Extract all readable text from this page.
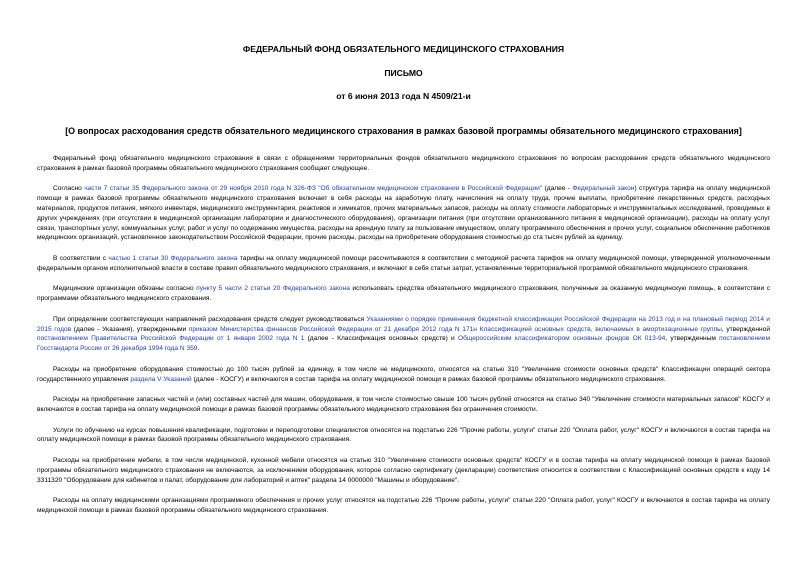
ФЕДЕРАЛЬНЫЙ ФОНД ОБЯЗАТЕЛЬНОГО МЕДИЦИНСКОГО СТРАХОВАНИЯ
ПИСЬМО
от 6 июня 2013 года N 4509/21-и
[О вопросах расходования средств обязательного медицинского страхования в рамках базовой программы обязательного медицинского страхования]

Федеральный фонд обязательного медицинского страхования в связи с обращениями территориальных фондов обязательного медицинского страхования по вопросам расходования средств обязательного медицинского страхования в рамках базовой программы обязательного медицинского страхования сообщает следующее.

Согласно части 7 статьи 35 Федерального закона от 29 ноября 2010 года N 326-ФЗ "Об обязательном медицинском страховании в Российской Федерации" (далее - Федеральный закон) структура тарифа на оплату медицинской помощи в рамках базовой программы обязательного медицинского страхования включает в себя расходы на заработную плату, начисления на оплату труда, прочие выплаты, приобретение лекарственных средств, расходных материалов, продуктов питания, мягкого инвентаря, медицинского инструментария, реактивов и химикатов, прочих материальных запасов, расходы на оплату стоимости лабораторных и инструментальных исследований, проводимых в других учреждениях (при отсутствии в медицинской организации лаборатории и диагностического оборудования), организации питания (при отсутствии организованного питания в медицинской организации), расходы на оплату услуг связи, транспортных услуг, коммунальных услуг, работ и услуг по содержанию имущества, расходы на арендную плату за пользование имуществом, оплату программного обеспечения и прочих услуг, социальное обеспечение работников медицинских организаций, установленное законодательством Российской Федерации, прочие расходы, расходы на приобретение оборудования стоимостью до ста тысяч рублей за единицу.

В соответствии с частью 1 статьи 30 Федерального закона тарифы на оплату медицинской помощи рассчитываются в соответствии с методикой расчета тарифов на оплату медицинской помощи, утвержденной уполномоченным федеральным органом исполнительной власти в составе правил обязательного медицинского страхования, и включают в себя статьи затрат, установленные территориальной программой обязательного медицинского страхования.

Медицинские организации обязаны согласно пункту 5 части 2 статьи 20 Федерального закона использовать средства обязательного медицинского страхования, полученные за оказанную медицинскую помощь, в соответствии с программами обязательного медицинского страхования.

При определении соответствующих направлений расходования средств следует руководствоваться Указаниями о порядке применения бюджетной классификации Российской Федерации на 2013 год и на плановый период 2014 и 2015 годов (далее - Указания), утвержденными приказом Министерства финансов Российской Федерации от 21 декабря 2012 года N 171н Классификацией основных средств, включаемых в амортизационные группы, утвержденной постановлением Правительства Российской Федерации от 1 января 2002 года N 1 (далее - Классификация основных средств) и Общероссийским классификатором основных фондов ОК 013-94, утвержденным постановлением Госстандарта России от 26 декабря 1994 года N 359.

Расходы на приобретение оборудования стоимостью до 100 тысяч рублей за единицу, в том числе не медицинского, относятся на статью 310 "Увеличение стоимости основных средств" Классификации операций сектора государственного управления раздела V Указаний (далее - КОСГУ) и включаются в состав тарифа на оплату медицинской помощи в рамках базовой программы обязательного медицинского страхования.

Расходы на приобретение запасных частей и (или) составных частей для машин, оборудования, в том числе стоимостью свыше 100 тысяч рублей относятся на статью 340 "Увеличение стоимости материальных запасов" КОСГУ и включаются в состав тарифа на оплату медицинской помощи в рамках базовой программы обязательного медицинского страхования без ограничения стоимости.

Услуги по обучению на курсах повышения квалификации, подготовки и переподготовки специалистов относятся на подстатью 226 "Прочие работы, услуги" статьи 220 "Оплата работ, услуг" КОСГУ и включаются в состав тарифа на оплату медицинской помощи в рамках базовой программы обязательного медицинского страхования.

Расходы на приобретение мебели, в том числе медицинской, кухонной мебели относятся на статью 310 "Увеличение стоимости основных средств" КОСГУ и в состав тарифа на оплату медицинской помощи в рамках базовой программы обязательного медицинского страхования не включаются, за исключением оборудования, которое согласно сертификату (декларации) соответствия относится в соответствии с Классификацией основных средств к коду 14 3311320 "Оборудование для кабинетов и палат, оборудование для лабораторий и аптек" раздела 14 0000000 "Машины и оборудование".

Расходы на оплату медицинскими организациями программного обеспечения и прочих услуг относятся на подстатью 226 "Прочие работы, услуги" статьи 220 "Оплата работ, услуг" КОСГУ и включаются в состав тарифа на оплату медицинской помощи в рамках базовой программы обязательного медицинского страхования.
